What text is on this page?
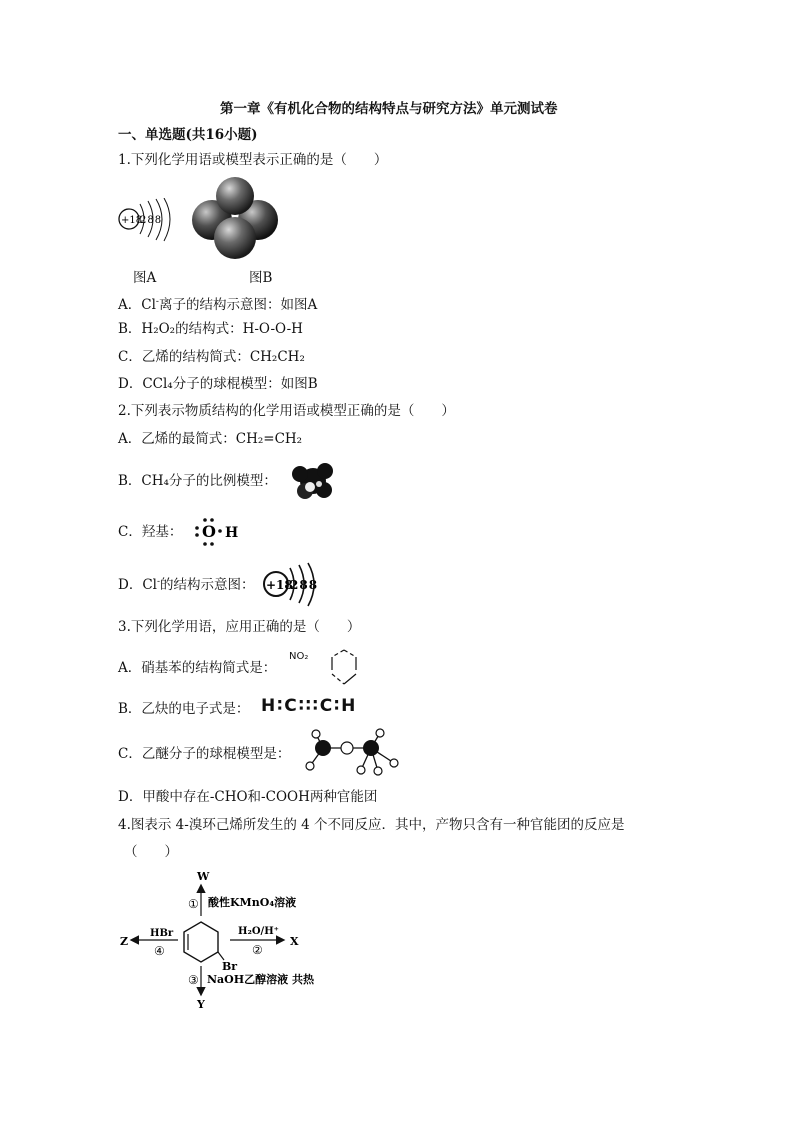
第一章《有机化合物的结构特点与研究方法》单元测试卷
一、单选题(共16小题)
1.下列化学用语或模型表示正确的是（　　）
+18
288
图A	图B
A．Cl-离子的结构示意图：如图A
B．H₂O₂的结构式：H-O-O-H
C．乙烯的结构简式：CH₂CH₂
D．CCl₄分子的球棍模型：如图B
2.下列表示物质结构的化学用语或模型正确的是（　　）
A．乙烯的最简式：CH₂=CH₂
B．CH₄分子的比例模型：
C．羟基： O H
D．Cl-的结构示意图： +18
288
3.下列化学用语，应用正确的是（　　）
A．硝基苯的结构简式是：
NO₂
B．乙炔的电子式是： H∶C∶∶∶C∶H
C．乙醚分子的球棍模型是：
D．甲酸中存在-CHO和-COOH两种官能团
4.图表示 4-溴环己烯所发生的 4 个不同反应．其中，产物只含有一种官能团的反应是
（　　）
W
① 酸性KMnO₄溶液
Br
H₂O/H⁺
②
X
Z
HBr
④
③ NaOH乙醇溶液 共热
Y
